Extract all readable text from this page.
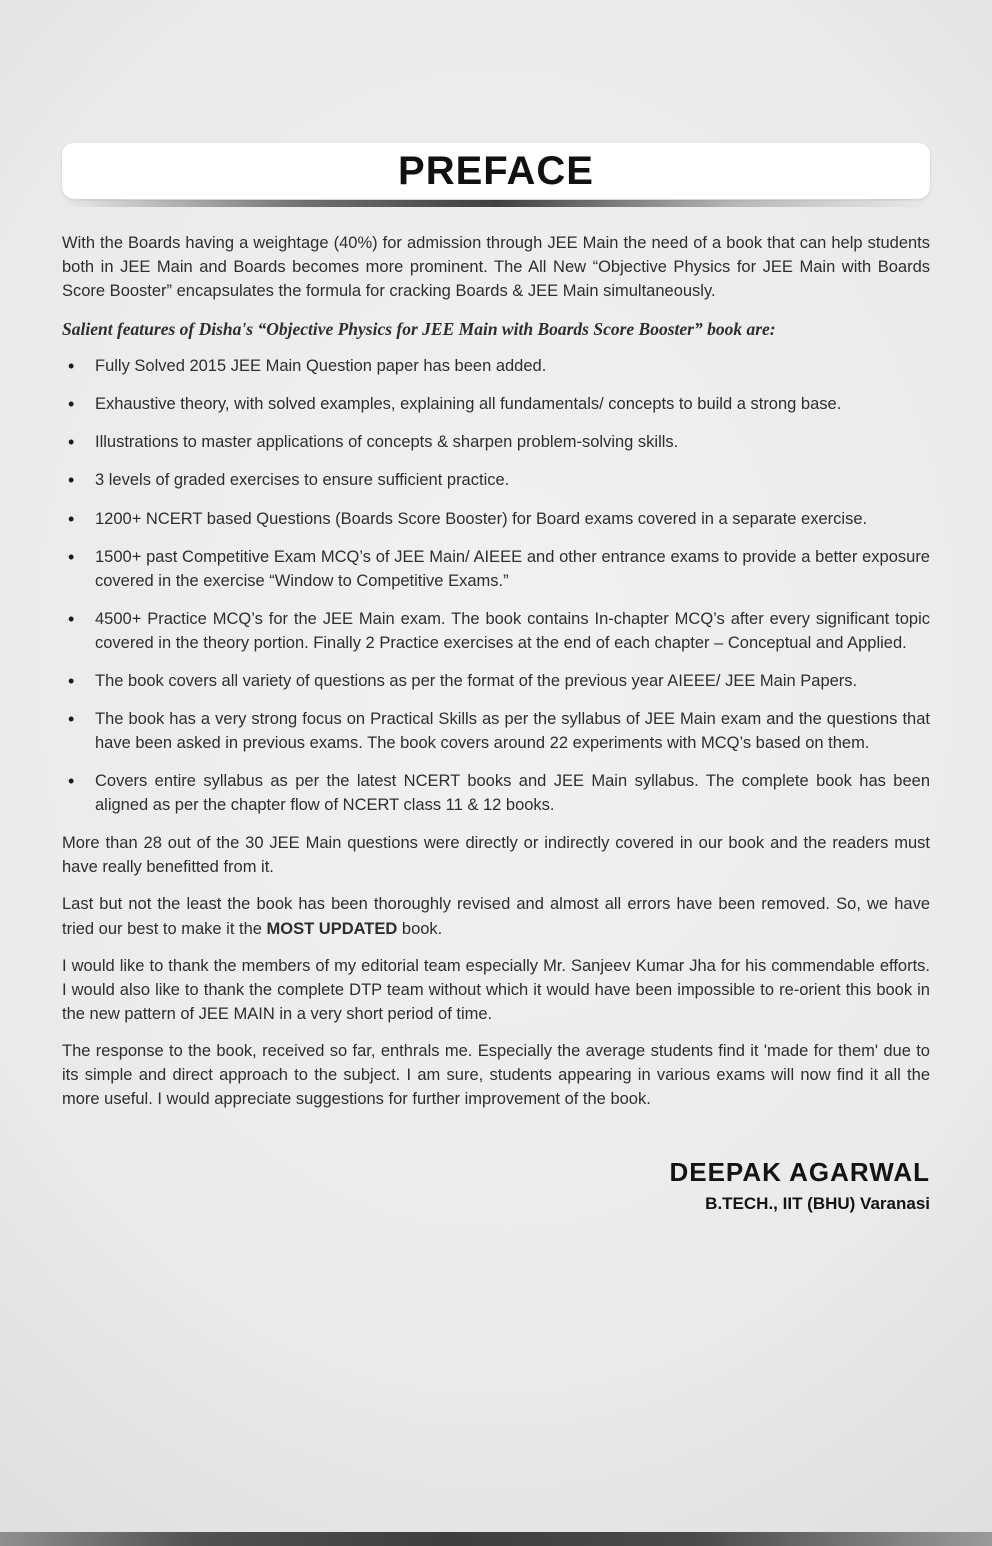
PREFACE

With the Boards having a weightage (40%) for admission through JEE Main the need of a book that can help students both in JEE Main and Boards becomes more prominent. The All New “Objective Physics for JEE Main with Boards Score Booster” encapsulates the formula for cracking Boards & JEE Main simultaneously.

Salient features of Disha's “Objective Physics for JEE Main with Boards Score Booster” book are:

• Fully Solved 2015 JEE Main Question paper has been added.
• Exhaustive theory, with solved examples, explaining all fundamentals/ concepts to build a strong base.
• Illustrations to master applications of concepts & sharpen problem-solving skills.
• 3 levels of graded exercises to ensure sufficient practice.
• 1200+ NCERT based Questions (Boards Score Booster) for Board exams covered in a separate exercise.
• 1500+ past Competitive Exam MCQ’s of JEE Main/ AIEEE and other entrance exams to provide a better exposure covered in the exercise “Window to Competitive Exams.”
• 4500+ Practice MCQ’s for the JEE Main exam. The book contains In-chapter MCQ’s after every significant topic covered in the theory portion. Finally 2 Practice exercises at the end of each chapter – Conceptual and Applied.
• The book covers all variety of questions as per the format of the previous year AIEEE/ JEE Main Papers.
• The book has a very strong focus on Practical Skills as per the syllabus of JEE Main exam and the questions that have been asked in previous exams. The book covers around 22 experiments with MCQ’s based on them.
• Covers entire syllabus as per the latest NCERT books and JEE Main syllabus. The complete book has been aligned as per the chapter flow of NCERT class 11 & 12 books.

More than 28 out of the 30 JEE Main questions were directly or indirectly covered in our book and the readers must have really benefitted from it.

Last but not the least the book has been thoroughly revised and almost all errors have been removed. So, we have tried our best to make it the MOST UPDATED book.

I would like to thank the members of my editorial team especially Mr. Sanjeev Kumar Jha for his commendable efforts. I would also like to thank the complete DTP team without which it would have been impossible to re-orient this book in the new pattern of JEE MAIN in a very short period of time.

The response to the book, received so far, enthrals me. Especially the average students find it 'made for them' due to its simple and direct approach to the subject. I am sure, students appearing in various exams will now find it all the more useful. I would appreciate suggestions for further improvement of the book.

DEEPAK AGARWAL
B.TECH., IIT (BHU) Varanasi
